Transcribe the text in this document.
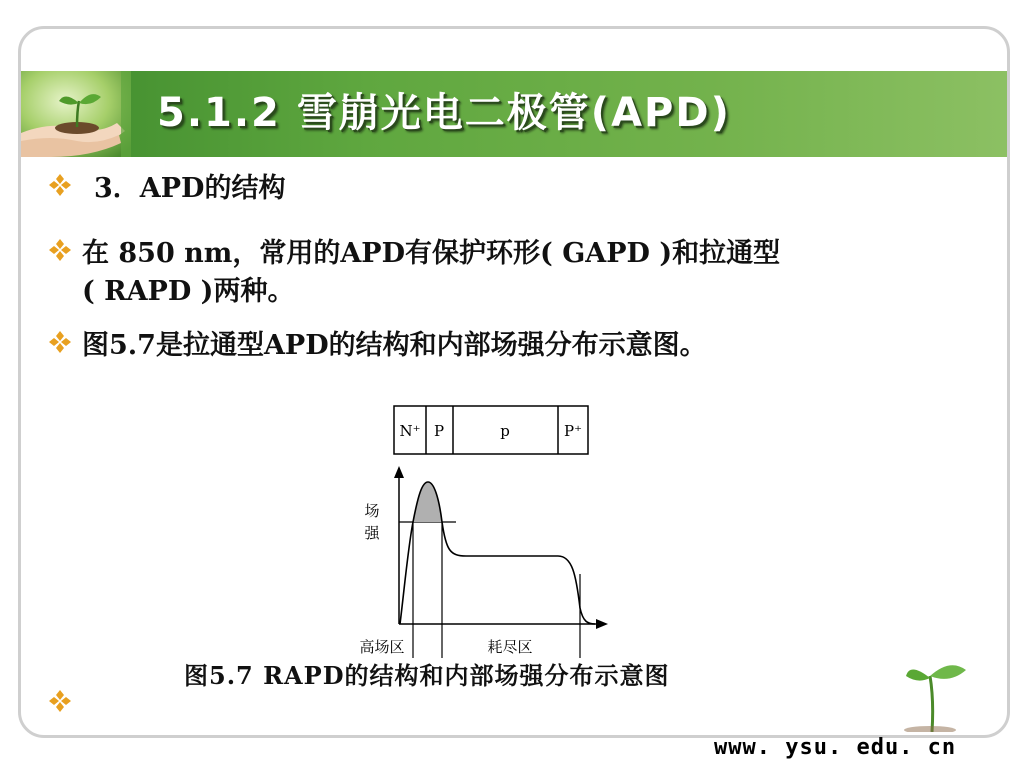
5.1.2 雪崩光电二极管(APD)
3．APD的结构
在 850 nm，常用的APD有保护环形( GAPD )和拉通型
( RAPD )两种。
图5.7是拉通型APD的结构和内部场强分布示意图。
N⁺ P	p	P⁺
场
强
高场区	耗尽区
图5.7 RAPD的结构和内部场强分布示意图
www. ysu. edu. cn
